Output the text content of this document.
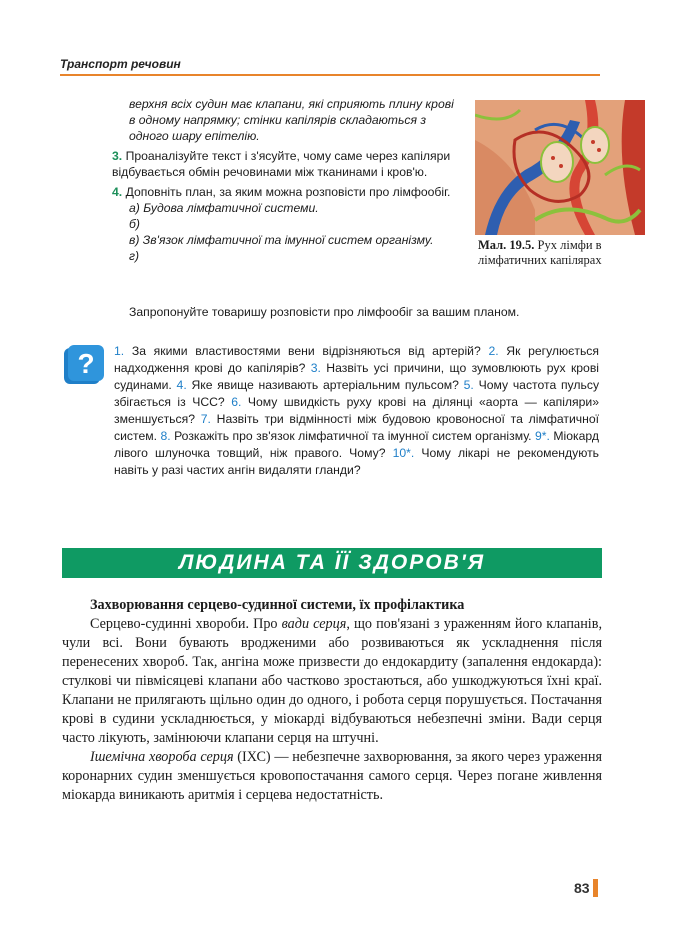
Транспорт речовин

верхня всіх судин має клапани, які сприяють плину крові в одному напрямку; стінки капілярів складаються з одного шару епітелію.

3. Проаналізуйте текст і з'ясуйте, чому саме через капіляри відбувається обмін речовинами між тканинами і кров'ю.

4. Доповніть план, за яким можна розповісти про лімфообіг.

а) Будова лімфатичної системи.

б)

в) Зв'язок лімфатичної та імунної систем організму.

г)

Запропонуйте товаришу розповісти про лімфообіг за вашим планом.
Мал. 19.5. Рух лімфи в лімфатичних капілярах
? 1. За якими властивостями вени відрізняються від артерій? 2. Як регулюється надходження крові до капілярів? 3. Назвіть усі причини, що зумовлюють рух крові судинами. 4. Яке явище називають артеріальним пульсом? 5. Чому частота пульсу збігається із ЧСС? 6. Чому швидкість руху крові на ділянці «аорта — капіляри» зменшується? 7. Назвіть три відмінності між будовою кровоносної та лімфатичної систем. 8. Розкажіть про зв'язок лімфатичної та імунної систем організму. 9*. Міокард лівого шлуночка товщий, ніж правого. Чому? 10*. Чому лікарі не рекомендують навіть у разі частих ангін видаляти гланди?
ЛЮДИНА ТА ЇЇ ЗДОРОВ'Я

Захворювання серцево-судинної системи, їх профілактика

Серцево-судинні хвороби. Про вади серця, що пов'язані з ураженням його клапанів, чули всі. Вони бувають вродженими або розвиваються як ускладнення після перенесених хвороб. Так, ангіна може призвести до ендокардиту (запалення ендокарда): стулкові чи півмісяцеві клапани або частково зростаються, або ушкоджуються їхні краї. Клапани не прилягають щільно один до одного, і робота серця порушується. Постачання крові в судини ускладнюється, у міокарді відбуваються небезпечні зміни. Вади серця часто лікують, замінюючи клапани серця на штучні.

Ішемічна хвороба серця (ІХС) — небезпечне захворювання, за якого через ураження коронарних судин зменшується кровопостачання самого серця. Через погане живлення міокарда виникають аритмія і серцева недостатність.

83
